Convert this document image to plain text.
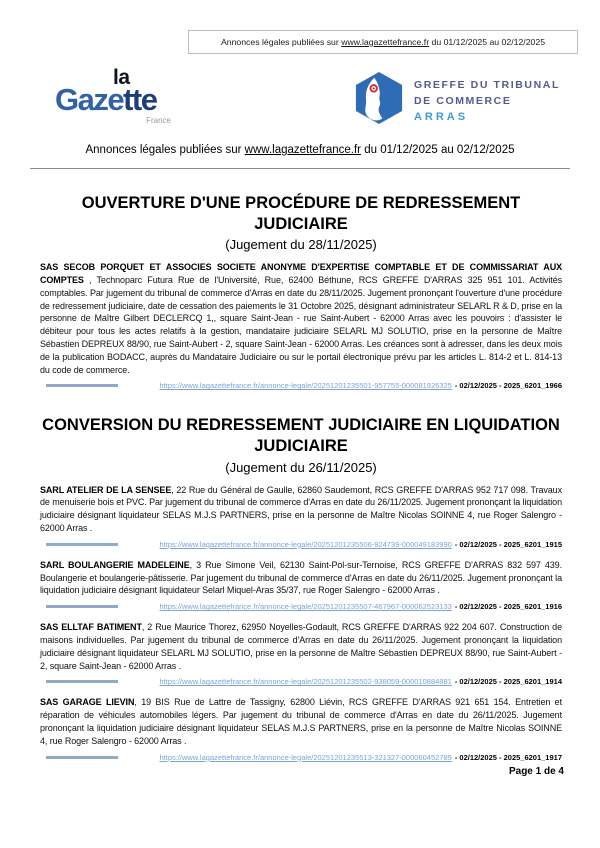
Annonces légales publiées sur www.lagazettefrance.fr du 01/12/2025 au 02/12/2025
la
Gazette
France
GREFFE DU TRIBUNAL
DE COMMERCE
ARRAS
Annonces légales publiées sur www.lagazettefrance.fr du 01/12/2025 au 02/12/2025
OUVERTURE D'UNE PROCÉDURE DE REDRESSEMENT JUDICIAIRE
(Jugement du 28/11/2025)

SAS SECOB PORQUET ET ASSOCIES SOCIETE ANONYME D'EXPERTISE COMPTABLE ET DE COMMISSARIAT AUX COMPTES , Technoparc Futura Rue de l'Université, Rue, 62400 Béthune, RCS GREFFE D'ARRAS 325 951 101. Activités comptables. Par jugement du tribunal de commerce d'Arras en date du 28/11/2025. Jugement prononçant l'ouverture d'une procédure de redressement judiciaire, date de cessation des paiements le 31 Octobre 2025, désignant administrateur SELARL R & D, prise en la personne de Maître Gilbert DECLERCQ 1,, square Saint-Jean - rue Saint-Aubert - 62000 Arras avec les pouvoirs : d'assister le débiteur pour tous les actes relatifs à la gestion, mandataire judiciaire SELARL MJ SOLUTIO, prise en la personne de Maître Sébastien DEPREUX 88/90, rue Saint-Aubert - 2, square Saint-Jean - 62000 Arras. Les créances sont à adresser, dans les deux mois de la publication BODACC, auprès du Mandataire Judiciaire ou sur le portail électronique prévu par les articles L. 814-2 et L. 814-13 du code de commerce.

https://www.lagazettefrance.fr/annonce-legale/20251201235501-957755-000081926325 - 02/12/2025 - 2025_6201_1966
CONVERSION DU REDRESSEMENT JUDICIAIRE EN LIQUIDATION JUDICIAIRE
(Jugement du 26/11/2025)

SARL ATELIER DE LA SENSEE, 22 Rue du Général de Gaulle, 62860 Saudemont, RCS GREFFE D'ARRAS 952 717 098. Travaux de menuiserie bois et PVC. Par jugement du tribunal de commerce d'Arras en date du 26/11/2025. Jugement prononçant la liquidation judiciaire désignant liquidateur SELAS M.J.S PARTNERS, prise en la personne de Maître Nicolas SOINNE 4, rue Roger Salengro - 62000 Arras .

https://www.lagazettefrance.fr/annonce-legale/20251201235506-924739-000049183990 - 02/12/2025 - 2025_6201_1915

SARL BOULANGERIE MADELEINE, 3 Rue Simone Veil, 62130 Saint-Pol-sur-Ternoise, RCS GREFFE D'ARRAS 832 597 439. Boulangerie et boulangerie-pâtisserie. Par jugement du tribunal de commerce d'Arras en date du 26/11/2025. Jugement prononçant la liquidation judiciaire désignant liquidateur Selarl Miquel-Aras 35/37, rue Roger Salengro - 62000 Arras .

https://www.lagazettefrance.fr/annonce-legale/20251201235507-467967-000062523133 - 02/12/2025 - 2025_6201_1916

SAS ELLTAF BATIMENT, 2 Rue Maurice Thorez, 62950 Noyelles-Godault, RCS GREFFE D'ARRAS 922 204 607. Construction de maisons individuelles. Par jugement du tribunal de commerce d'Arras en date du 26/11/2025. Jugement prononçant la liquidation judiciaire désignant liquidateur SELARL MJ SOLUTIO, prise en la personne de Maître Sébastien DEPREUX 88/90, rue Saint-Aubert - 2, square Saint-Jean - 62000 Arras .

https://www.lagazettefrance.fr/annonce-legale/20251201235502-938059-000010884881 - 02/12/2025 - 2025_6201_1914

SAS GARAGE LIEVIN, 19 BIS Rue de Lattre de Tassigny, 62800 Liévin, RCS GREFFE D'ARRAS 921 651 154. Entretien et réparation de véhicules automobiles légers. Par jugement du tribunal de commerce d'Arras en date du 26/11/2025. Jugement prononçant la liquidation judiciaire désignant liquidateur SELAS M.J.S PARTNERS, prise en la personne de Maître Nicolas SOINNE 4, rue Roger Salengro - 62000 Arras .

https://www.lagazettefrance.fr/annonce-legale/20251201235513-321327-000060452789 - 02/12/2025 - 2025_6201_1917
Page 1 de 4
